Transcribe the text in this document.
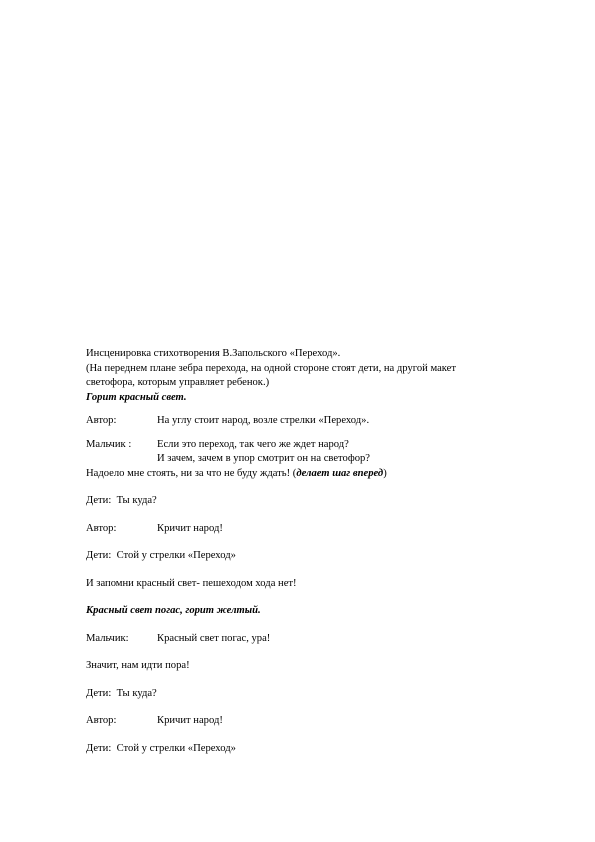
Инсценировка стихотворения В.Запольского «Переход».

(На переднем плане зебра перехода, на одной стороне стоят дети, на другой макет

светофора, которым управляет ребенок.)

Горит красный свет.

Автор:	На углу стоит народ, возле стрелки «Переход».

Мальчик : Если это переход, так чего же ждет народ?

И зачем, зачем в упор смотрит он на светофор?

Надоело мне стоять, ни за что не буду ждать! (делает шаг вперед)

Дети: Ты куда?

Автор:	Кричит народ!

Дети: Стой у стрелки «Переход»

И запомни красный свет- пешеходом хода нет!

Красный свет погас, горит желтый.

Мальчик:	Красный свет погас, ура!

Значит, нам идти пора!

Дети: Ты куда?

Автор:	Кричит народ!

Дети: Стой у стрелки «Переход»
